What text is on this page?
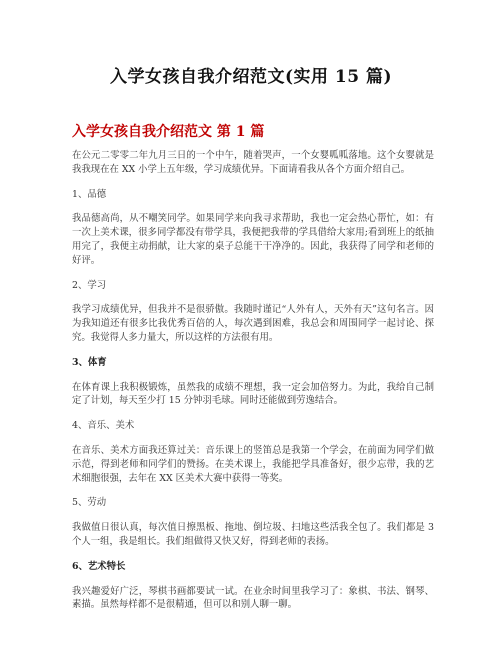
入学女孩自我介绍范文(实用 15 篇)
入学女孩自我介绍范文 第 1 篇

在公元二零零二年九月三日的一个中午，随着哭声，一个女婴呱呱落地。这个女婴就是我我现在在 XX 小学上五年级，学习成绩优异。下面请看我从各个方面介绍自己。

1、品德

我品德高尚，从不嘲笑同学。如果同学来向我寻求帮助，我也一定会热心帮忙，如：有一次上美术课，很多同学都没有带学具，我便把我带的学具借给大家用;看到班上的纸抽用完了，我便主动捐献，让大家的桌子总能干干净净的。因此，我获得了同学和老师的好评。

2、学习

我学习成绩优异，但我并不是很骄傲。我随时谨记“人外有人，天外有天”这句名言。因为我知道还有很多比我优秀百倍的人，每次遇到困难，我总会和周围同学一起讨论、探究。我觉得人多力量大，所以这样的方法很有用。

3、体育

在体育课上我积极锻炼，虽然我的成绩不理想，我一定会加倍努力。为此，我给自己制定了计划，每天至少打 15 分钟羽毛球。同时还能做到劳逸结合。

4、音乐、美术

在音乐、美术方面我还算过关：音乐课上的竖笛总是我第一个学会，在前面为同学们做示范，得到老师和同学们的赞扬。在美术课上，我能把学具准备好，很少忘带，我的艺术细胞很强，去年在 XX 区美术大赛中获得一等奖。

5、劳动

我做值日很认真，每次值日擦黑板、拖地、倒垃圾、扫地这些活我全包了。我们都是 3 个人一组，我是组长。我们组做得又快又好，得到老师的表扬。

6、艺术特长

我兴趣爱好广泛，琴棋书画都要试一试。在业余时间里我学习了：象棋、书法、钢琴、素描。虽然每样都不是很精通，但可以和别人聊一聊。
